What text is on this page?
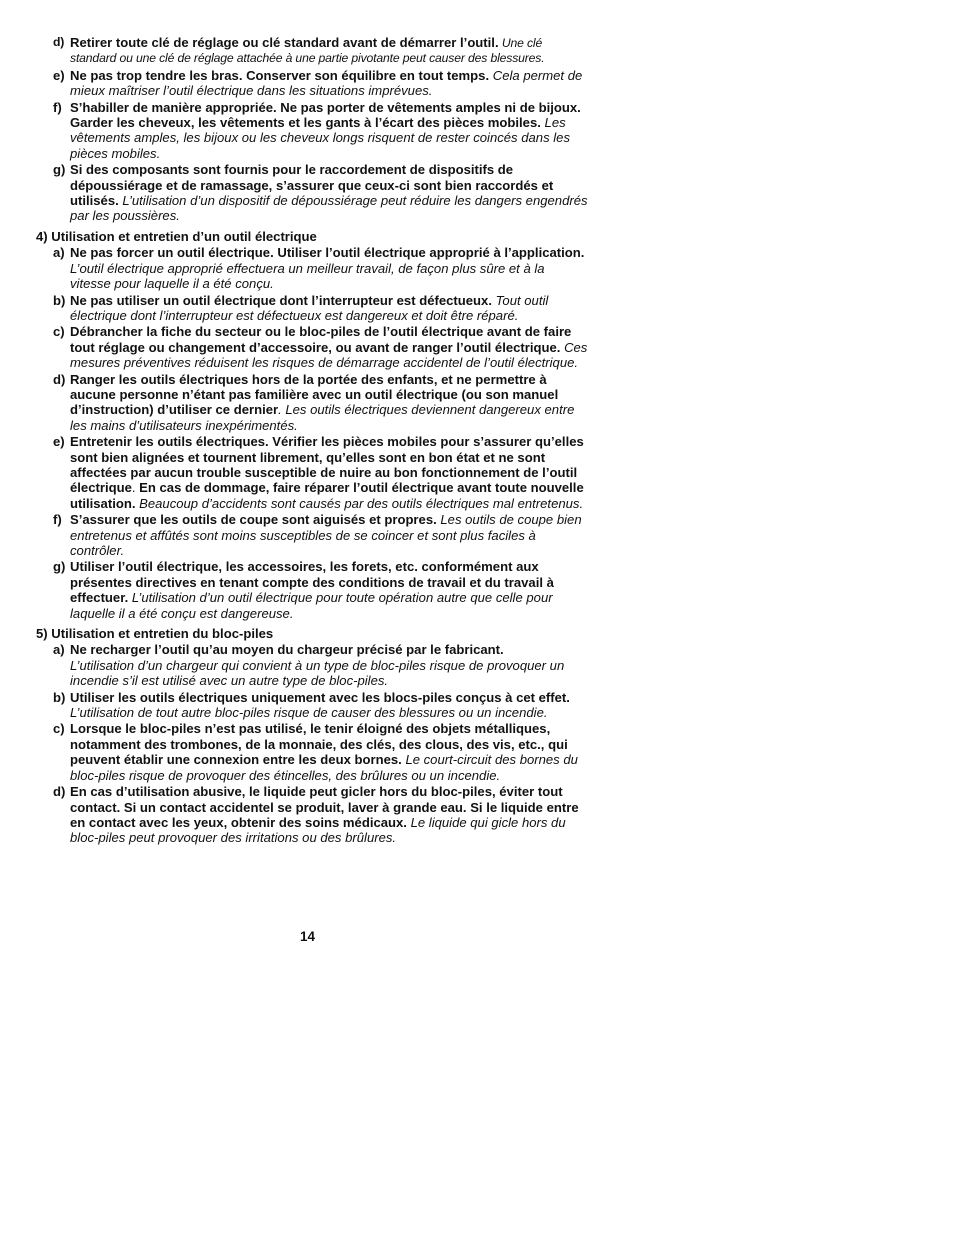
d) Retirer toute clé de réglage ou clé standard avant de démarrer l’outil. Une clé standard ou une clé de réglage attachée à une partie pivotante peut causer des blessures.
e) Ne pas trop tendre les bras. Conserver son équilibre en tout temps. Cela permet de mieux maîtriser l’outil électrique dans les situations imprévues.
f) S’habiller de manière appropriée. Ne pas porter de vêtements amples ni de bijoux. Garder les cheveux, les vêtements et les gants à l’écart des pièces mobiles. Les vêtements amples, les bijoux ou les cheveux longs risquent de rester coincés dans les pièces mobiles.
g) Si des composants sont fournis pour le raccordement de dispositifs de dépoussiérage et de ramassage, s’assurer que ceux-ci sont bien raccordés et utilisés. L’utilisation d’un dispositif de dépoussiérage peut réduire les dangers engendrés par les poussières.
4) Utilisation et entretien d’un outil électrique
a) Ne pas forcer un outil électrique. Utiliser l’outil électrique approprié à l’application. L’outil électrique approprié effectuera un meilleur travail, de façon plus sûre et à la vitesse pour laquelle il a été conçu.
b) Ne pas utiliser un outil électrique dont l’interrupteur est défectueux. Tout outil électrique dont l’interrupteur est défectueux est dangereux et doit être réparé.
c) Débrancher la fiche du secteur ou le bloc-piles de l’outil électrique avant de faire tout réglage ou changement d’accessoire, ou avant de ranger l’outil électrique. Ces mesures préventives réduisent les risques de démarrage accidentel de l’outil électrique.
d) Ranger les outils électriques hors de la portée des enfants, et ne permettre à aucune personne n’étant pas familière avec un outil électrique (ou son manuel d’instruction) d’utiliser ce dernier. Les outils électriques deviennent dangereux entre les mains d’utilisateurs inexpérimentés.
e) Entretenir les outils électriques. Vérifier les pièces mobiles pour s’assurer qu’elles sont bien alignées et tournent librement, qu’elles sont en bon état et ne sont affectées par aucun trouble susceptible de nuire au bon fonctionnement de l’outil électrique. En cas de dommage, faire réparer l’outil électrique avant toute nouvelle utilisation. Beaucoup d’accidents sont causés par des outils électriques mal entretenus.
f) S’assurer que les outils de coupe sont aiguisés et propres. Les outils de coupe bien entretenus et affûtés sont moins susceptibles de se coincer et sont plus faciles à contrôler.
g) Utiliser l’outil électrique, les accessoires, les forets, etc. conformément aux présentes directives en tenant compte des conditions de travail et du travail à effectuer. L’utilisation d’un outil électrique pour toute opération autre que celle pour laquelle il a été conçu est dangereuse.
5) Utilisation et entretien du bloc-piles
a) Ne recharger l’outil qu’au moyen du chargeur précisé par le fabricant.
L’utilisation d’un chargeur qui convient à un type de bloc-piles risque de provoquer un incendie s’il est utilisé avec un autre type de bloc-piles.
b) Utiliser les outils électriques uniquement avec les blocs-piles conçus à cet effet. L’utilisation de tout autre bloc-piles risque de causer des blessures ou un incendie.
c) Lorsque le bloc-piles n’est pas utilisé, le tenir éloigné des objets métalliques, notamment des trombones, de la monnaie, des clés, des clous, des vis, etc., qui peuvent établir une connexion entre les deux bornes. Le court-circuit des bornes du bloc-piles risque de provoquer des étincelles, des brûlures ou un incendie.
d) En cas d’utilisation abusive, le liquide peut gicler hors du bloc-piles, éviter tout contact. Si un contact accidentel se produit, laver à grande eau. Si le liquide entre en contact avec les yeux, obtenir des soins médicaux. Le liquide qui gicle hors du bloc-piles peut provoquer des irritations ou des brûlures.
14
